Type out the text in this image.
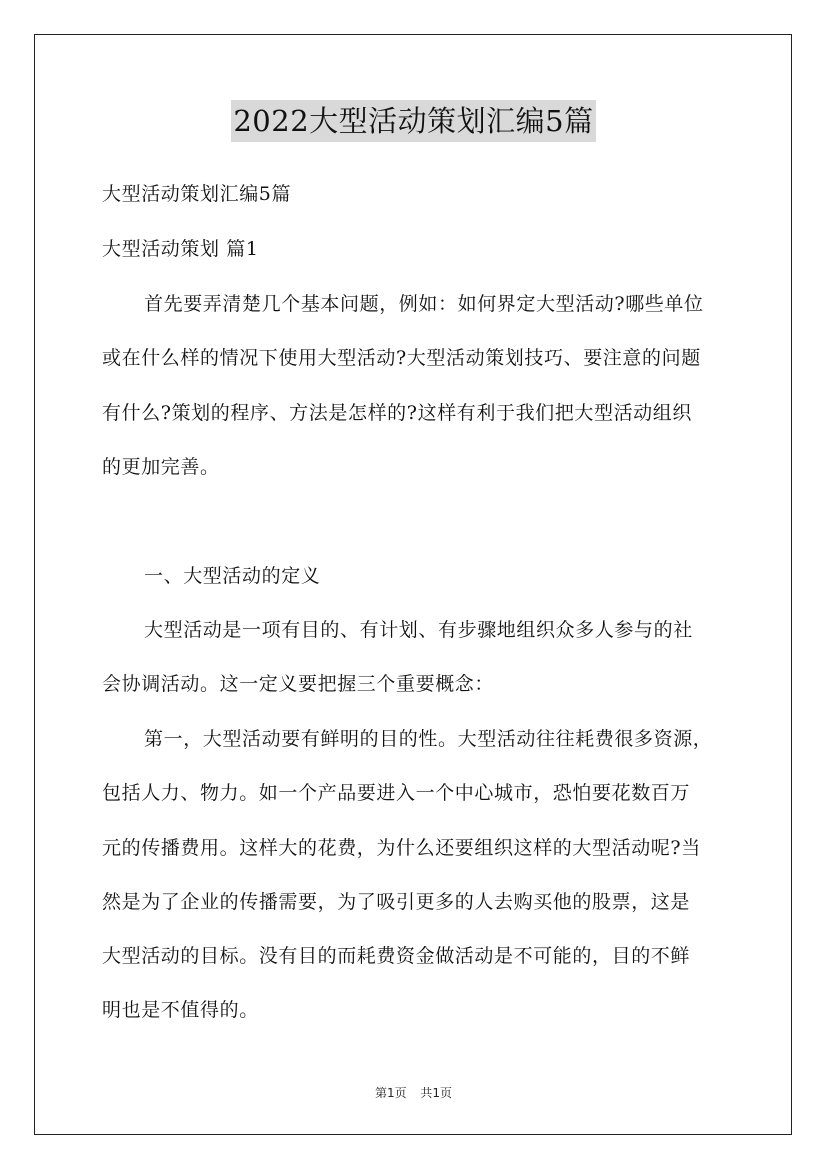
2022大型活动策划汇编5篇
大型活动策划汇编5篇
大型活动策划 篇1
首先要弄清楚几个基本问题，例如：如何界定大型活动?哪些单位
或在什么样的情况下使用大型活动?大型活动策划技巧、要注意的问题
有什么?策划的程序、方法是怎样的?这样有利于我们把大型活动组织
的更加完善。
一、大型活动的定义
大型活动是一项有目的、有计划、有步骤地组织众多人参与的社
会协调活动。这一定义要把握三个重要概念：
第一，大型活动要有鲜明的目的性。大型活动往往耗费很多资源，
包括人力、物力。如一个产品要进入一个中心城市，恐怕要花数百万
元的传播费用。这样大的花费，为什么还要组织这样的大型活动呢?当
然是为了企业的传播需要，为了吸引更多的人去购买他的股票，这是
大型活动的目标。没有目的而耗费资金做活动是不可能的，目的不鲜
明也是不值得的。
第1页 共1页
